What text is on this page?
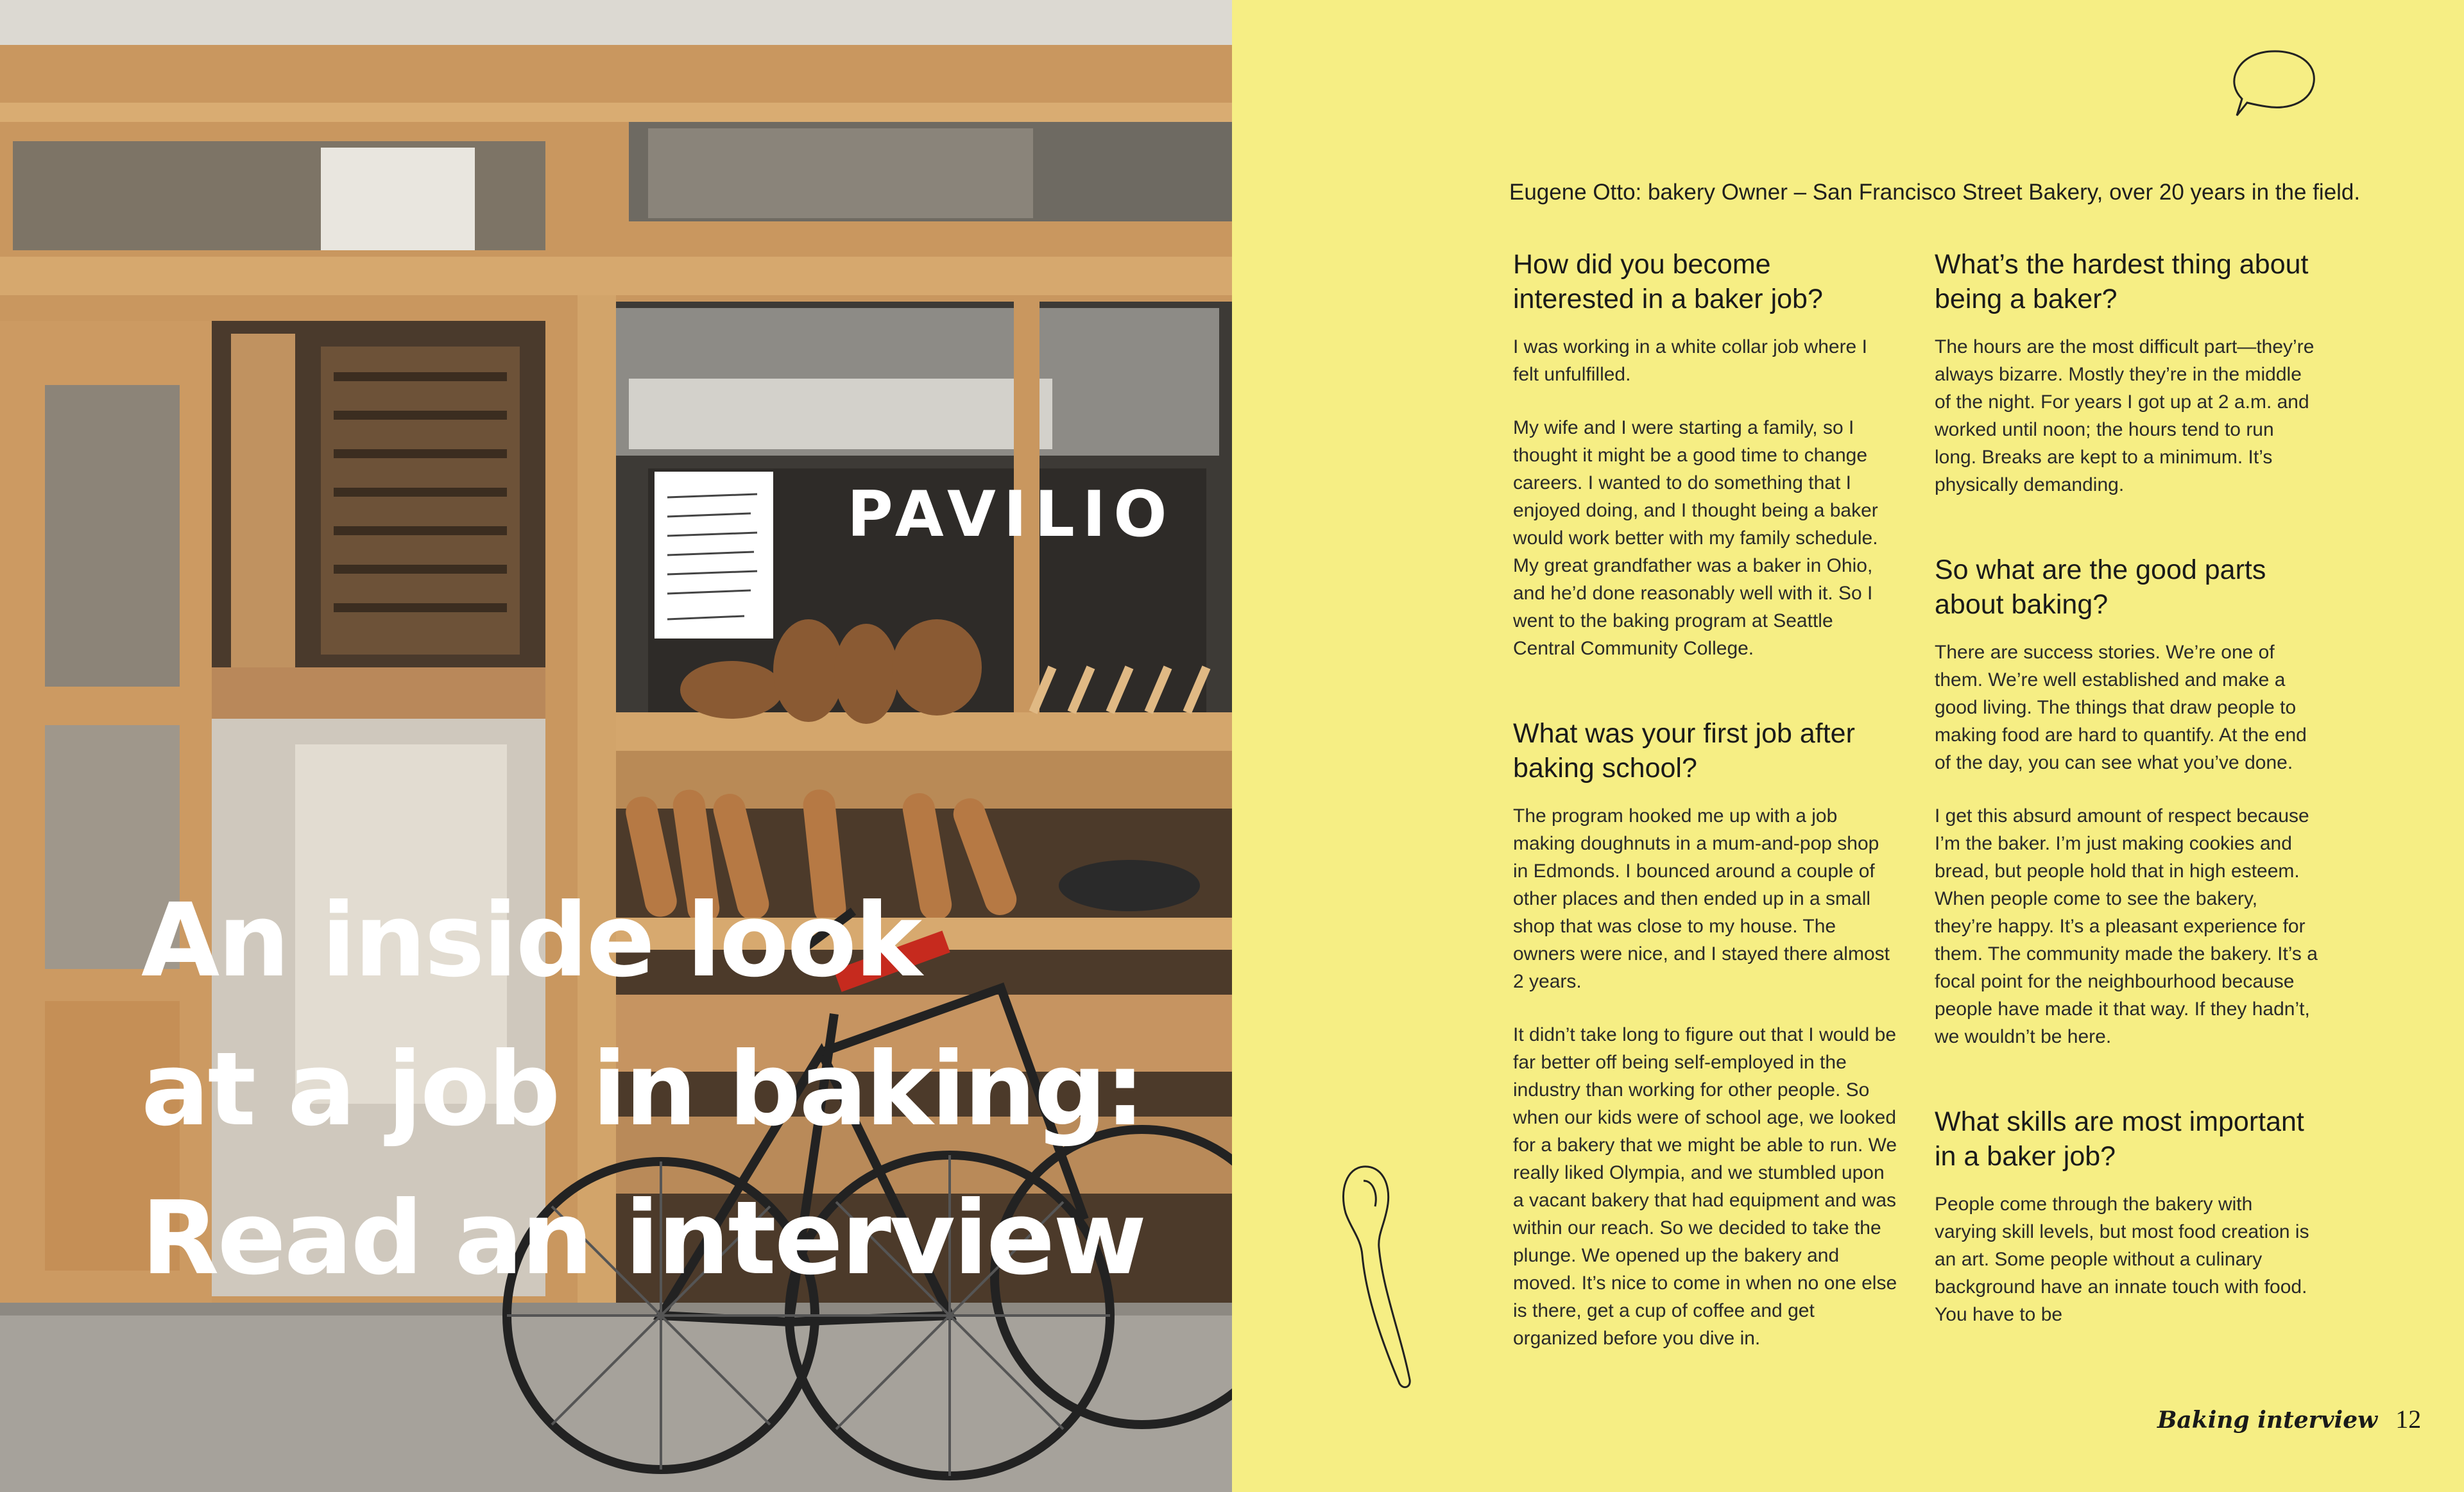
PAVILIO
An inside look
at a job in baking:
Read an interview
Eugene Otto: bakery Owner – San Francisco Street Bakery, over 20 years in the field.
How did you become interested in a baker job?

I was working in a white collar job where I felt unfulfilled.

My wife and I were starting a family, so I thought it might be a good time to change careers. I wanted to do something that I enjoyed doing, and I thought being a baker would work better with my family schedule. My great grandfather was a baker in Ohio, and he’d done reasonably well with it. So I went to the baking program at Seattle Central Community College.

What was your first job after baking school?

The program hooked me up with a job making doughnuts in a mum-and-pop shop in Edmonds. I bounced around a couple of other places and then ended up in a small shop that was close to my house. The owners were nice, and I stayed there almost 2 years.

It didn’t take long to figure out that I would be far better off being self-employed in the industry than working for other people. So when our kids were of school age, we looked for a bakery that we might be able to run. We really liked Olympia, and we stumbled upon a vacant bakery that had equipment and was within our reach. So we decided to take the plunge. We opened up the bakery and moved. It’s nice to come in when no one else is there, get a cup of coffee and get organized before you dive in.

What’s the hardest thing about being a baker?

The hours are the most difficult part—they’re always bizarre. Mostly they’re in the middle of the night. For years I got up at 2 a.m. and worked until noon; the hours tend to run long. Breaks are kept to a minimum. It’s physically demanding.

So what are the good parts about baking?

There are success stories. We’re one of them. We’re well established and make a good living. The things that draw people to making food are hard to quantify. At the end of the day, you can see what you’ve done.

I get this absurd amount of respect because I’m the baker. I’m just making cookies and bread, but people hold that in high esteem. When people come to see the bakery, they’re happy. It’s a pleasant experience for them. The community made the bakery. It’s a focal point for the neighbourhood because people have made it that way. If they hadn’t, we wouldn’t be here.

What skills are most important in a baker job?

People come through the bakery with varying skill levels, but most food creation is an art. Some people without a culinary background have an innate touch with food. You have to be

Baking interview 12
